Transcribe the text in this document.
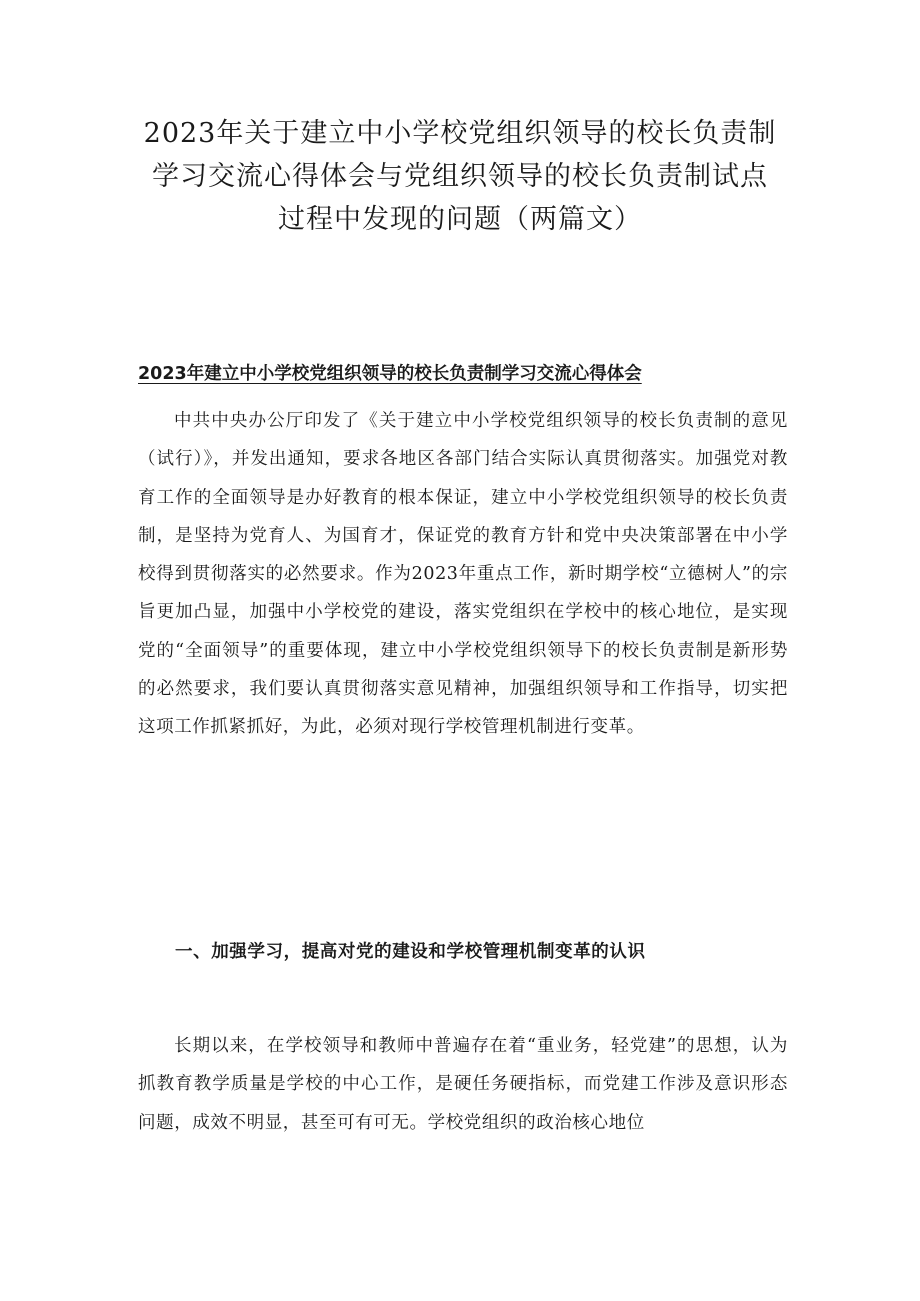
2023年关于建立中小学校党组织领导的校长负责制

学习交流心得体会与党组织领导的校长负责制试点

过程中发现的问题（两篇文）

2023年建立中小学校党组织领导的校长负责制学习交流心得体会

中共中央办公厅印发了《关于建立中小学校党组织领导的校长负责制的意见（试行）》，并发出通知，要求各地区各部门结合实际认真贯彻落实。加强党对教育工作的全面领导是办好教育的根本保证，建立中小学校党组织领导的校长负责制，是坚持为党育人、为国育才，保证党的教育方针和党中央决策部署在中小学校得到贯彻落实的必然要求。作为2023年重点工作，新时期学校“立德树人”的宗旨更加凸显，加强中小学校党的建设，落实党组织在学校中的核心地位，是实现党的“全面领导”的重要体现，建立中小学校党组织领导下的校长负责制是新形势的必然要求，我们要认真贯彻落实意见精神，加强组织领导和工作指导，切实把这项工作抓紧抓好，为此，必须对现行学校管理机制进行变革。

一、加强学习，提高对党的建设和学校管理机制变革的认识

长期以来，在学校领导和教师中普遍存在着“重业务，轻党建”的思想，认为抓教育教学质量是学校的中心工作，是硬任务硬指标，而党建工作涉及意识形态问题，成效不明显，甚至可有可无。学校党组织的政治核心地位
